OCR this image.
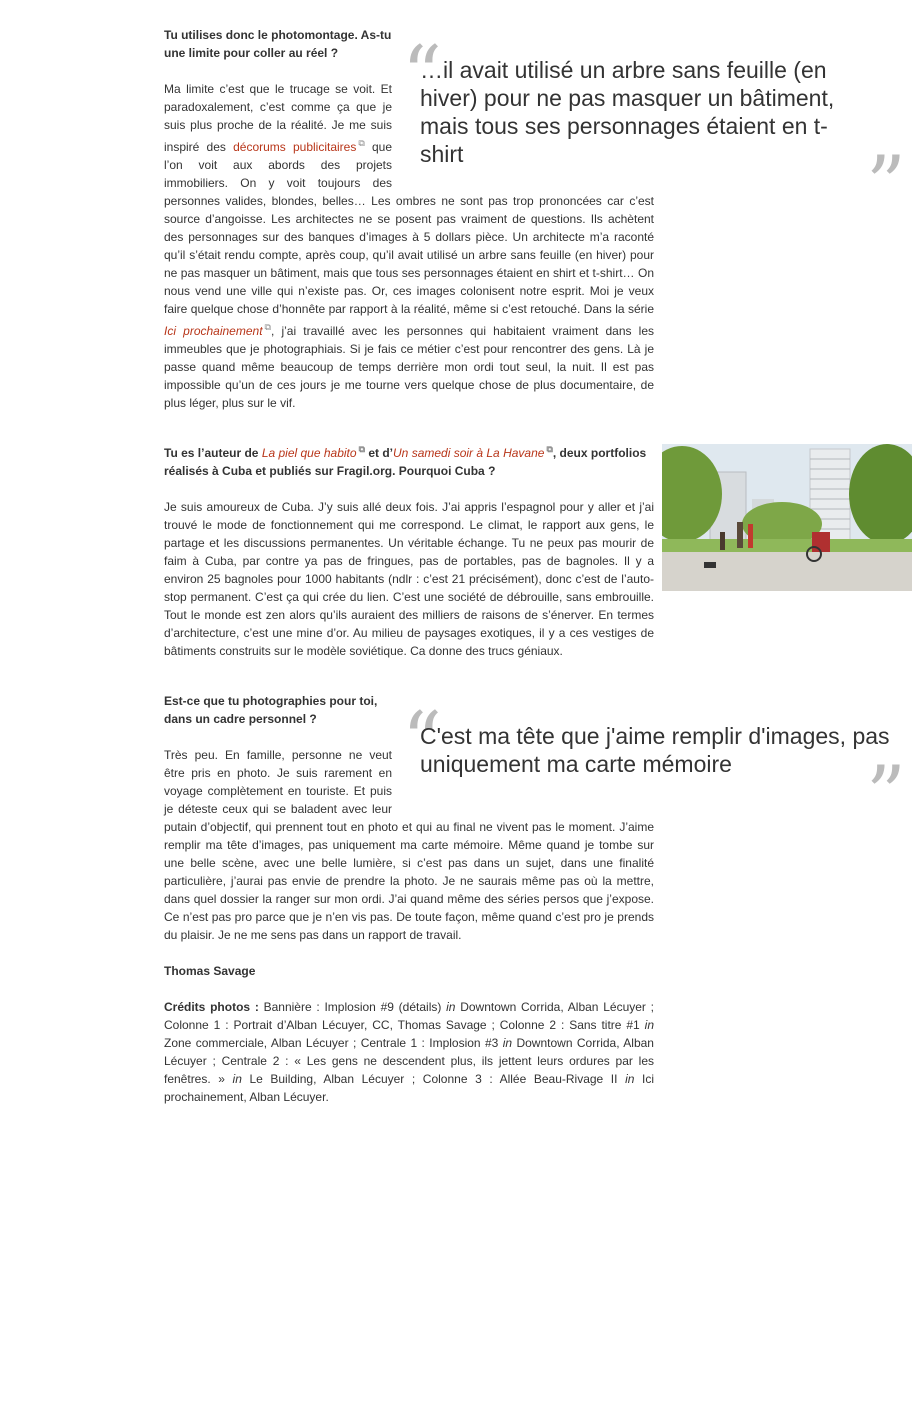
“
…il avait utilisé un arbre sans feuille (en hiver) pour ne pas masquer un bâtiment, mais tous ses personnages étaient en t-shirt	”

Tu utilises donc le photomontage. As-tu une limite pour coller au réel ?

Ma limite c’est que le trucage se voit. Et paradoxalement, c’est comme ça que je suis plus proche de la réalité. Je me suis inspiré des décorums publicitaires ⧉ que l’on voit aux abords des projets immobiliers. On y voit toujours des personnes valides, blondes, belles… Les ombres ne sont pas trop prononcées car c’est source d’angoisse. Les architectes ne se posent pas vraiment de questions. Ils achètent des personnages sur des banques d’images à 5 dollars pièce. Un architecte m’a raconté qu’il s’était rendu compte, après coup, qu’il avait utilisé un arbre sans feuille (en hiver) pour ne pas masquer un bâtiment, mais que tous ses personnages étaient en shirt et t-shirt… On nous vend une ville qui n’existe pas. Or, ces images colonisent notre esprit. Moi je veux faire quelque chose d’honnête par rapport à la réalité, même si c’est retouché. Dans la série Ici prochainement ⧉, j’ai travaillé avec les personnes qui habitaient vraiment dans les immeubles que je photographiais. Si je fais ce métier c’est pour rencontrer des gens. Là je passe quand même beaucoup de temps derrière mon ordi tout seul, la nuit. Il est pas impossible qu’un de ces jours je me tourne vers quelque chose de plus documentaire, de plus léger, plus sur le vif.

Tu es l’auteur de La piel que habito ⧉ et d’Un samedi soir à La Havane ⧉, deux portfolios réalisés à Cuba et publiés sur Fragil.org. Pourquoi Cuba ?

Je suis amoureux de Cuba. J’y suis allé deux fois. J’ai appris l’espagnol pour y aller et j’ai trouvé le mode de fonctionnement qui me correspond. Le climat, le rapport aux gens, le partage et les discussions permanentes. Un véritable échange. Tu ne peux pas mourir de faim à Cuba, par contre ya pas de fringues, pas de portables, pas de bagnoles. Il y a environ 25 bagnoles pour 1000 habitants (ndlr : c’est 21 précisément), donc c’est de l’auto-stop permanent. C’est ça qui crée du lien. C’est une société de débrouille, sans embrouille. Tout le monde est zen alors qu’ils auraient des milliers de raisons de s’énerver. En termes d’architecture, c’est une mine d’or. Au milieu de paysages exotiques, il y a ces vestiges de bâtiments construits sur le modèle soviétique. Ca donne des trucs géniaux.

“
C'est ma tête que j'aime remplir d'images, pas uniquement ma carte mémoire	”

Est-ce que tu photographies pour toi, dans un cadre personnel ?

Très peu. En famille, personne ne veut être pris en photo. Je suis rarement en voyage complètement en touriste. Et puis je déteste ceux qui se baladent avec leur putain d’objectif, qui prennent tout en photo et qui au final ne vivent pas le moment. J’aime remplir ma tête d’images, pas uniquement ma carte mémoire. Même quand je tombe sur une belle scène, avec une belle lumière, si c’est pas dans un sujet, dans une finalité particulière, j’aurai pas envie de prendre la photo. Je ne saurais même pas où la mettre, dans quel dossier la ranger sur mon ordi. J’ai quand même des séries persos que j’expose. Ce n’est pas pro parce que je n’en vis pas. De toute façon, même quand c’est pro je prends du plaisir. Je ne me sens pas dans un rapport de travail.

Thomas Savage

Crédits photos : Bannière : Implosion #9 (détails) in Downtown Corrida, Alban Lécuyer ; Colonne 1 : Portrait d’Alban Lécuyer, CC, Thomas Savage ; Colonne 2 : Sans titre #1 in Zone commerciale, Alban Lécuyer ; Centrale 1 : Implosion #3 in Downtown Corrida, Alban Lécuyer ; Centrale 2 : « Les gens ne descendent plus, ils jettent leurs ordures par les fenêtres. » in Le Building, Alban Lécuyer ; Colonne 3 : Allée Beau-Rivage II in Ici prochainement, Alban Lécuyer.
